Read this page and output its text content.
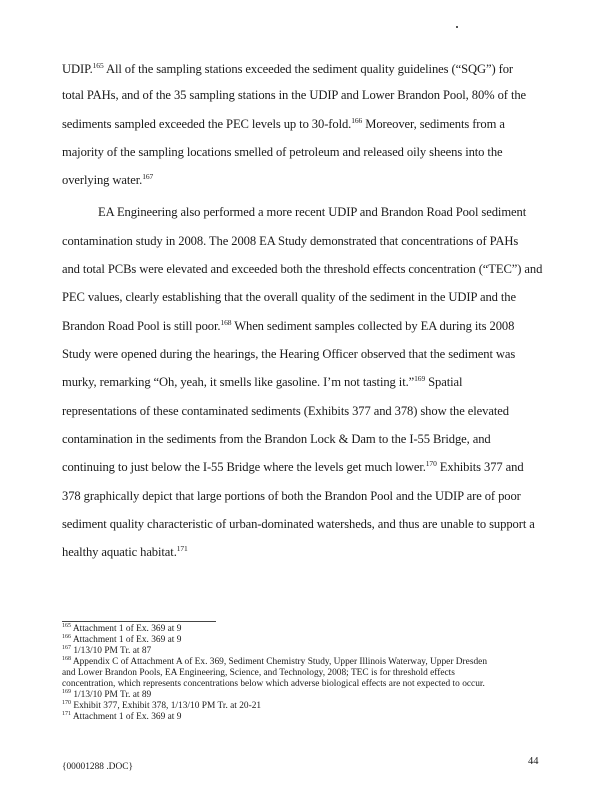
UDIP.$^{165}$ All of the sampling stations exceeded the sediment quality guidelines (“SQG”) for
total PAHs, and of the 35 sampling stations in the UDIP and Lower Brandon Pool, 80% of the
sediments sampled exceeded the PEC levels up to 30-fold.$^{166}$ Moreover, sediments from a
majority of the sampling locations smelled of petroleum and released oily sheens into the
overlying water.$^{167}$
EA Engineering also performed a more recent UDIP and Brandon Road Pool sediment
contamination study in 2008. The 2008 EA Study demonstrated that concentrations of PAHs
and total PCBs were elevated and exceeded both the threshold effects concentration (“TEC”) and
PEC values, clearly establishing that the overall quality of the sediment in the UDIP and the
Brandon Road Pool is still poor.$^{168}$ When sediment samples collected by EA during its 2008
Study were opened during the hearings, the Hearing Officer observed that the sediment was
murky, remarking “Oh, yeah, it smells like gasoline. I’m not tasting it.”$^{169}$ Spatial
representations of these contaminated sediments (Exhibits 377 and 378) show the elevated
contamination in the sediments from the Brandon Lock & Dam to the I-55 Bridge, and
continuing to just below the I-55 Bridge where the levels get much lower.$^{170}$ Exhibits 377 and
378 graphically depict that large portions of both the Brandon Pool and the UDIP are of poor
sediment quality characteristic of urban-dominated watersheds, and thus are unable to support a
healthy aquatic habitat.$^{171}$
$^{165}$ Attachment 1 of Ex. 369 at 9
$^{166}$ Attachment 1 of Ex. 369 at 9
$^{167}$ 1/13/10 PM Tr. at 87
$^{168}$ Appendix C of Attachment A of Ex. 369, Sediment Chemistry Study, Upper Illinois Waterway, Upper Dresden
and Lower Brandon Pools, EA Engineering, Science, and Technology, 2008; TEC is for threshold effects
concentration, which represents concentrations below which adverse biological effects are not expected to occur.
$^{169}$ 1/13/10 PM Tr. at 89
$^{170}$ Exhibit 377, Exhibit 378, 1/13/10 PM Tr. at 20-21
$^{171}$ Attachment 1 of Ex. 369 at 9
{00001288 .DOC}	44
